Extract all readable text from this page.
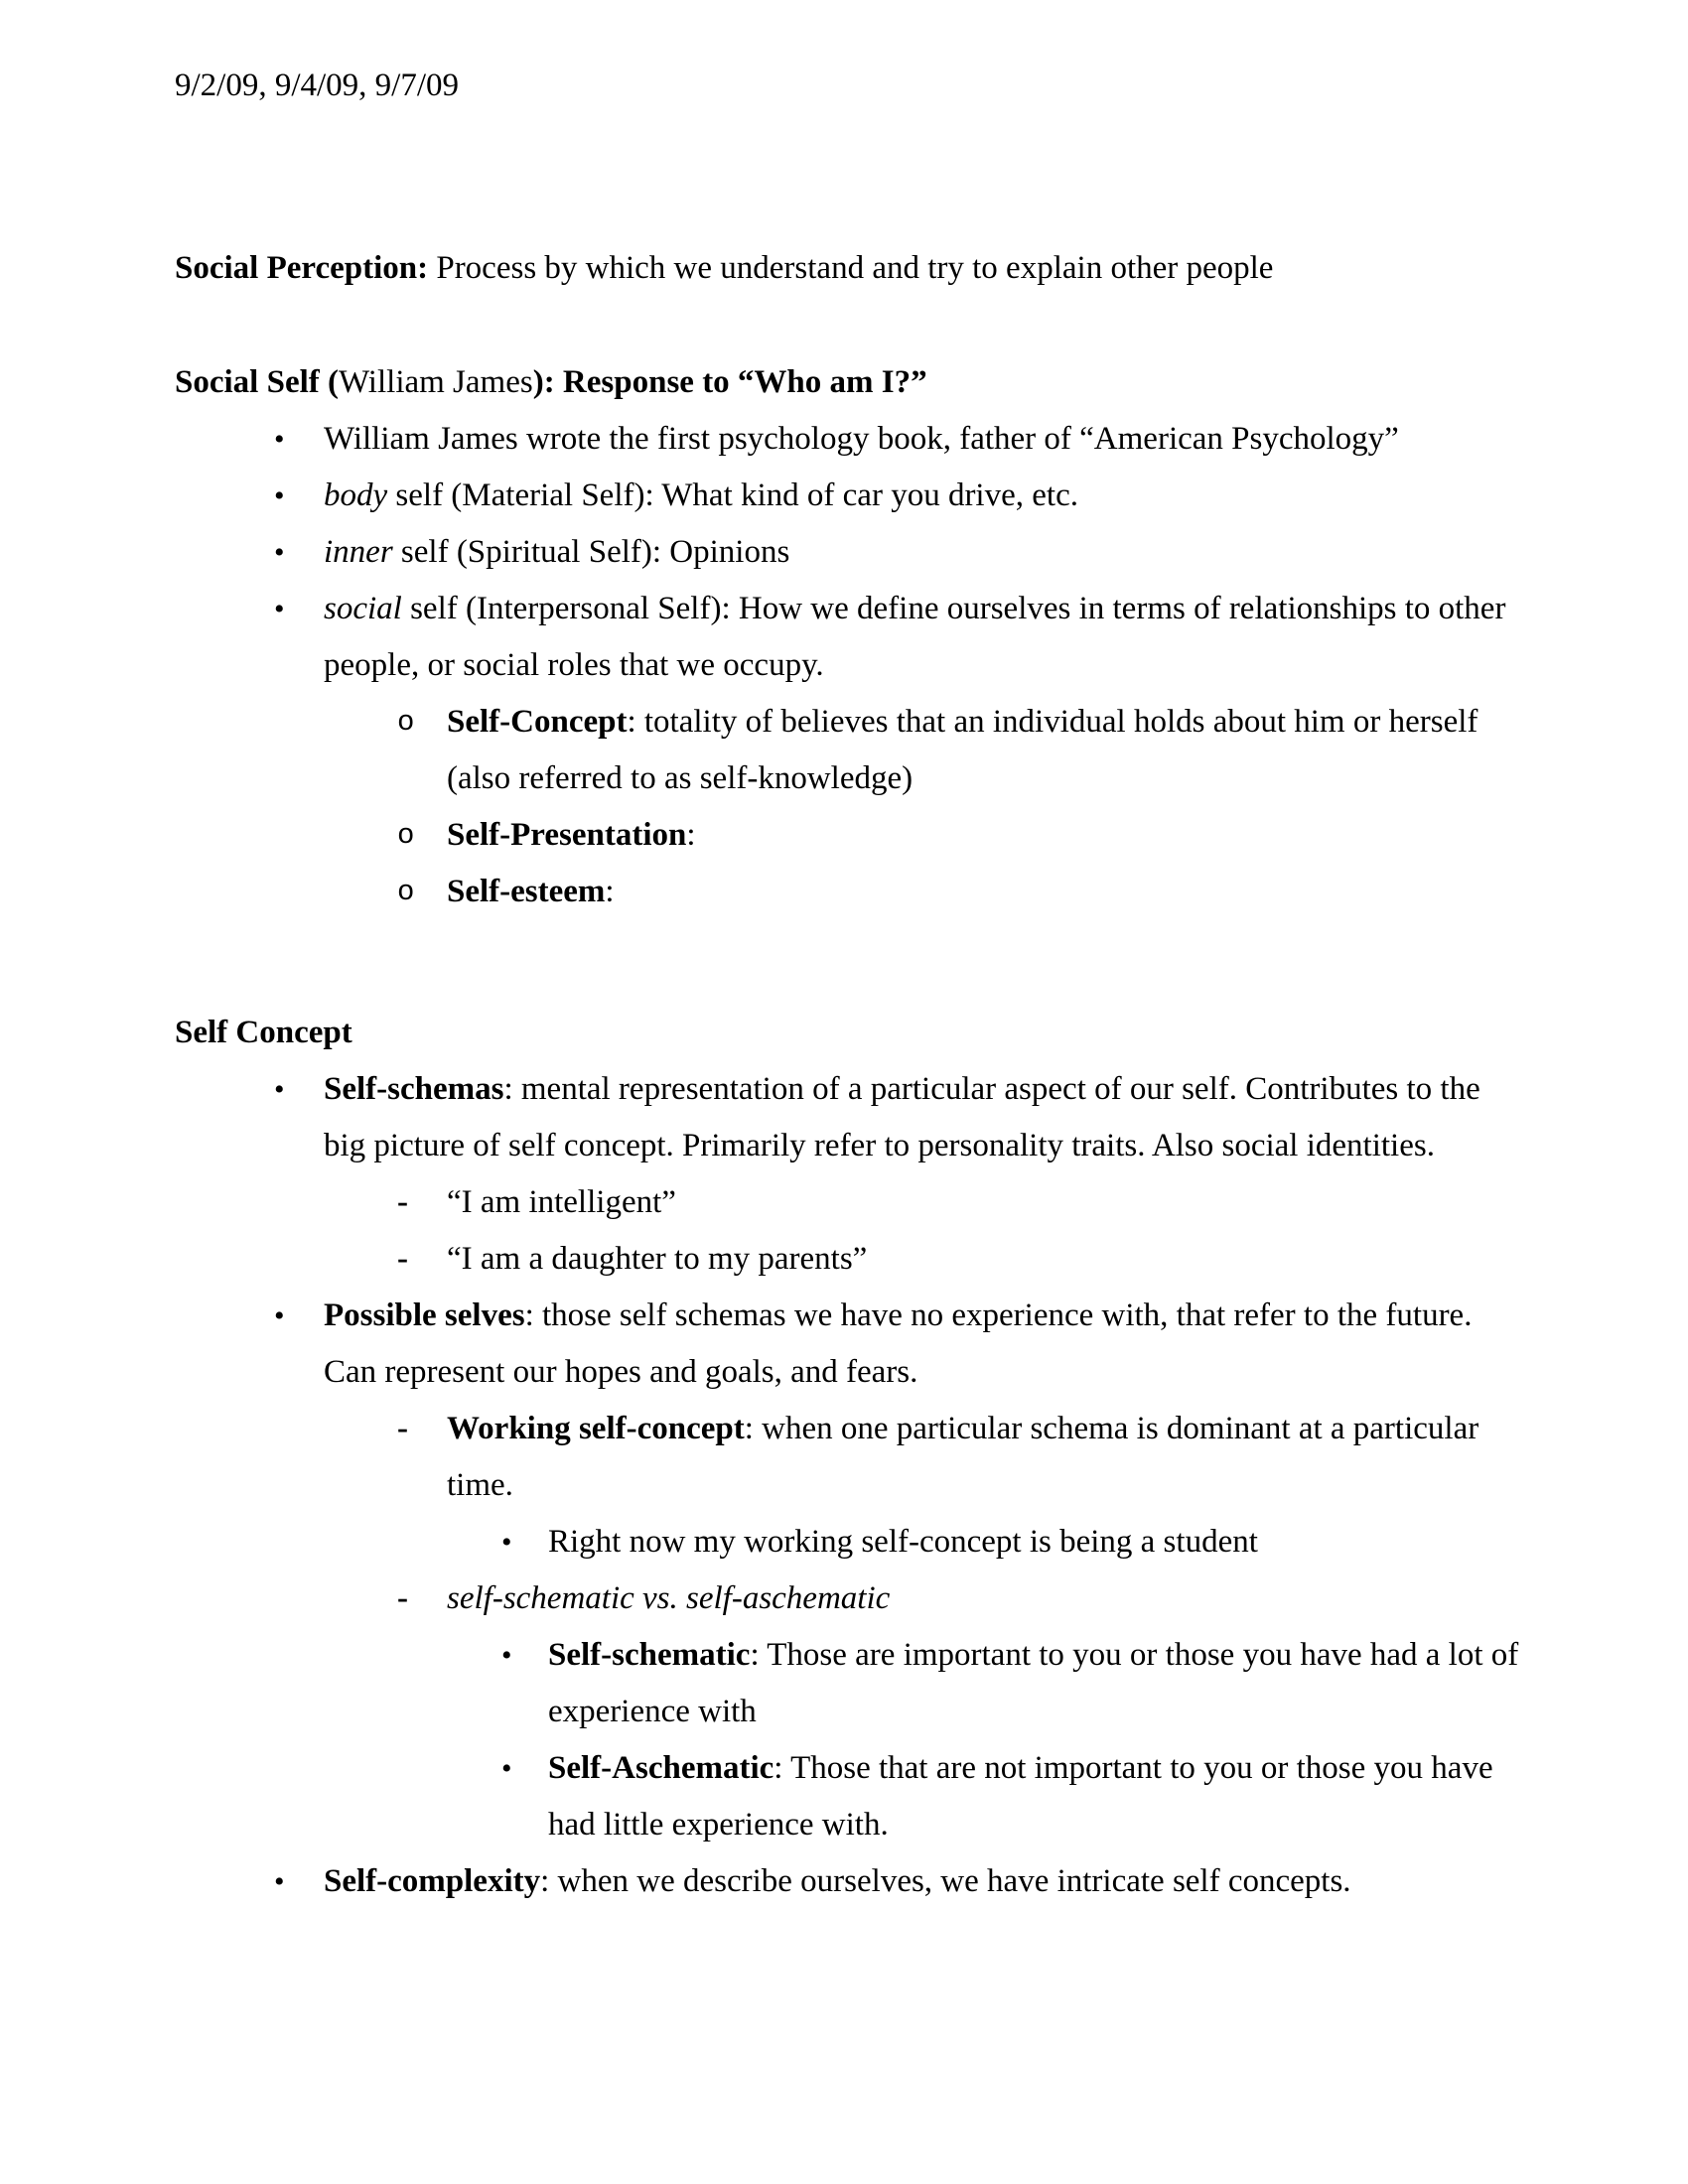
9/2/09, 9/4/09, 9/7/09
Social Perception: Process by which we understand and try to explain other people
Social Self (William James): Response to “Who am I?”
• William James wrote the first psychology book, father of “American Psychology”
• body self (Material Self): What kind of car you drive, etc.
• inner self (Spiritual Self): Opinions
• social self (Interpersonal Self): How we define ourselves in terms of relationships to other people, or social roles that we occupy.
o Self-Concept: totality of believes that an individual holds about him or herself (also referred to as self-knowledge)
o Self-Presentation:
o Self-esteem:
Self Concept
• Self-schemas: mental representation of a particular aspect of our self. Contributes to the big picture of self concept. Primarily refer to personality traits. Also social identities.
- “I am intelligent”
- “I am a daughter to my parents”
• Possible selves: those self schemas we have no experience with, that refer to the future. Can represent our hopes and goals, and fears.
- Working self-concept: when one particular schema is dominant at a particular time.
• Right now my working self-concept is being a student
- self-schematic vs. self-aschematic
• Self-schematic: Those are important to you or those you have had a lot of experience with
• Self-Aschematic: Those that are not important to you or those you have had little experience with.
• Self-complexity: when we describe ourselves, we have intricate self concepts.
